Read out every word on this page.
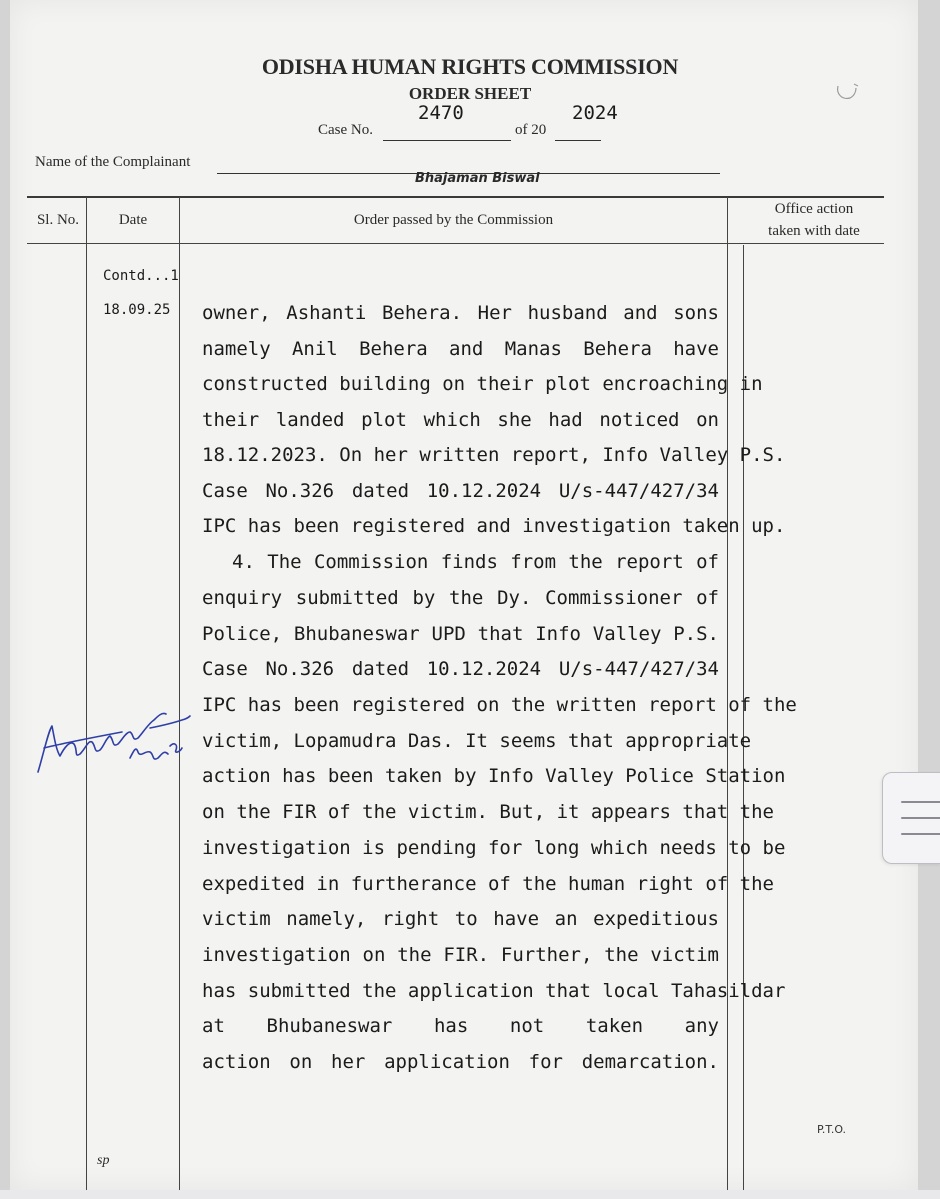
ODISHA HUMAN RIGHTS COMMISSION
ORDER SHEET
Case No.
2470
of 20
2024
Name of the Complainant
Bhajaman Biswal
Sl. No.	Date	Order passed by the Commission
Office action
taken with date
Contd...1
18.09.25 owner, Ashanti Behera. Her husband and sons
namely Anil Behera and Manas Behera have
constructed building on their plot encroaching in
their landed plot which she had noticed on
18.12.2023. On her written report, Info Valley P.S.
Case No.326 dated 10.12.2024 U/s-447/427/34
IPC has been registered and investigation taken up.
4. The Commission finds from the report of
enquiry submitted by the Dy. Commissioner of
Police, Bhubaneswar UPD that Info Valley P.S.
Case No.326 dated 10.12.2024 U/s-447/427/34
IPC has been registered on the written report of the
victim, Lopamudra Das. It seems that appropriate
action has been taken by Info Valley Police Station
on the FIR of the victim. But, it appears that the
investigation is pending for long which needs to be
expedited in furtherance of the human right of the
victim namely, right to have an expeditious
investigation on the FIR. Further, the victim
has submitted the application that local Tahasildar
at Bhubaneswar has not taken any
action on her application for demarcation.
sp
P.T.O.
